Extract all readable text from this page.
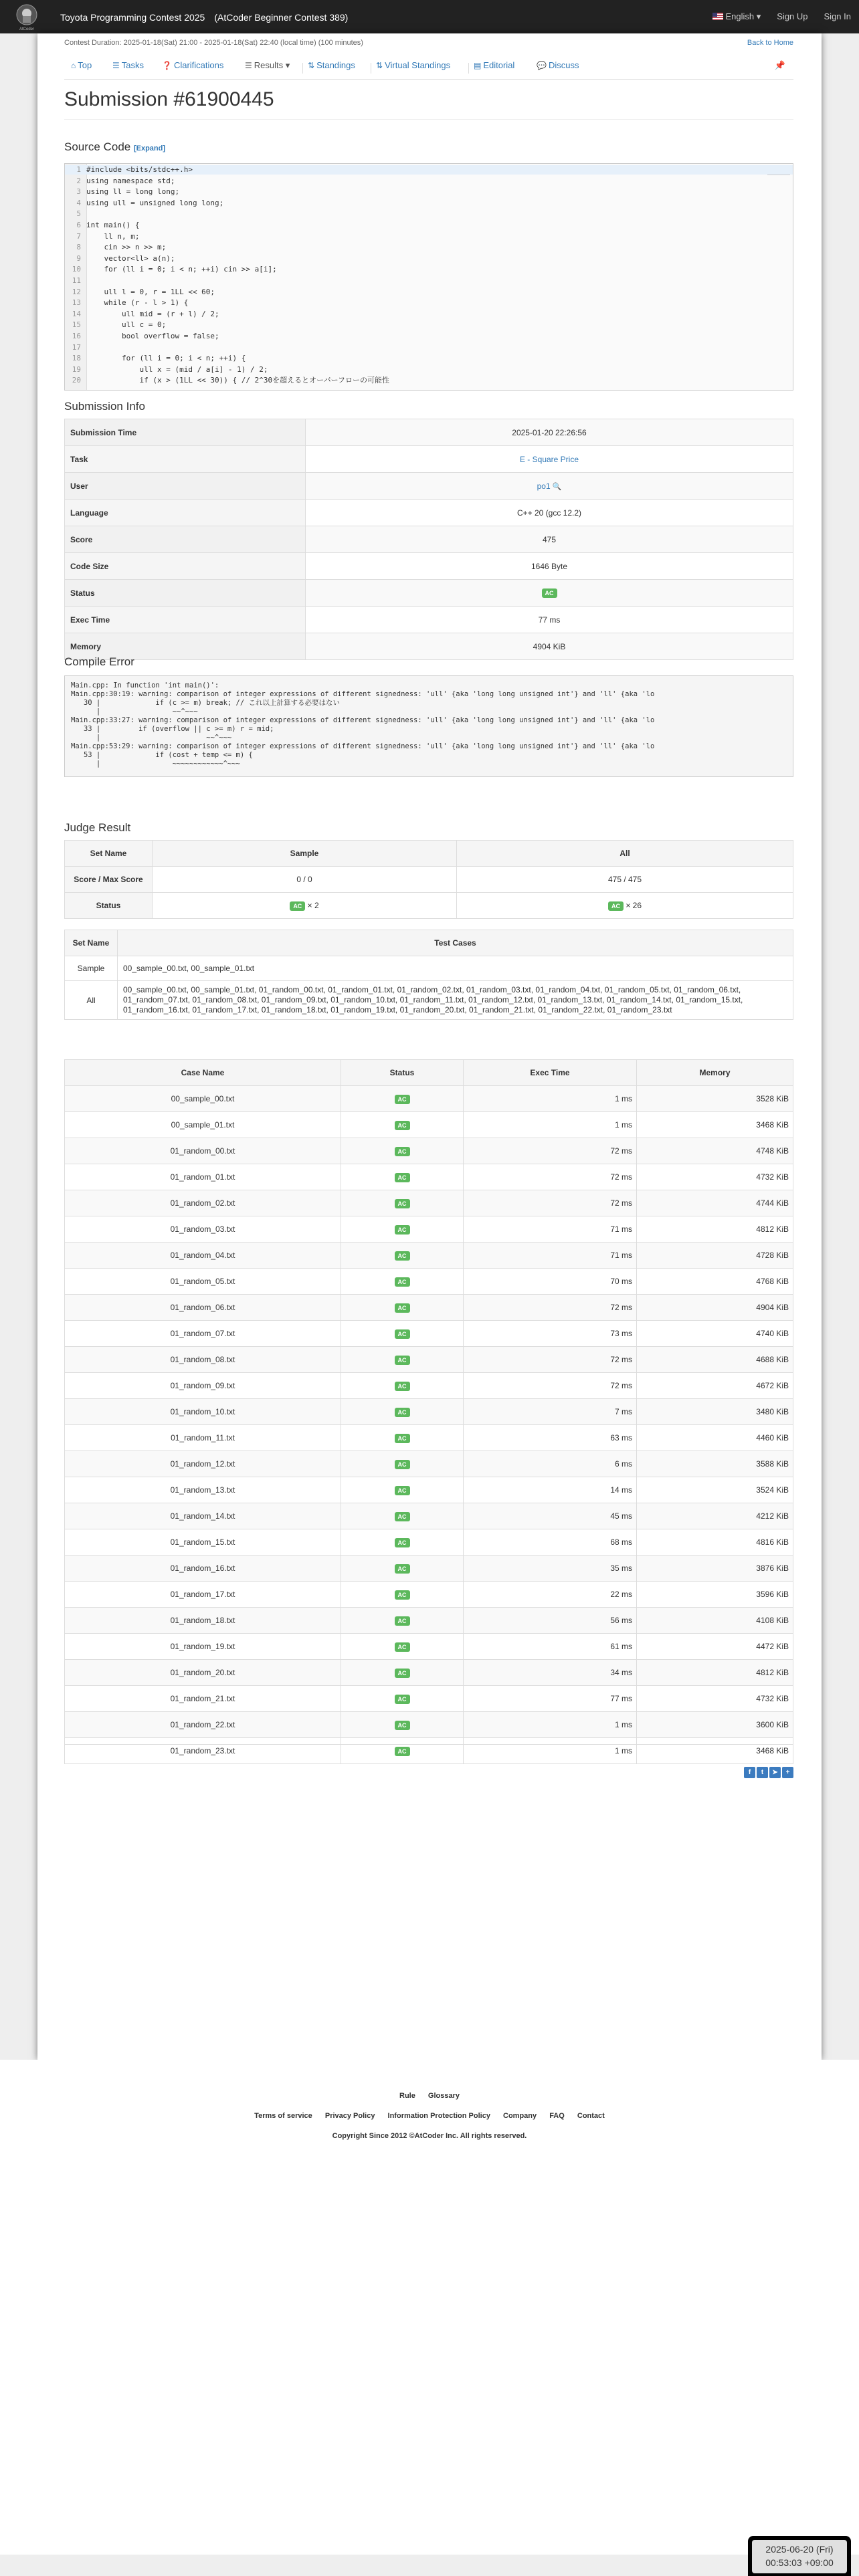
AtCoder
Toyota Programming Contest 2025　(AtCoder Beginner Contest 389)	English ▾ Sign Up Sign In
Contest Duration: 2025-01-18(Sat) 21:00 - 2025-01-18(Sat) 22:40 (local time) (100 minutes)	Back to Home
⌂ Top	☰ Tasks ❓ Clarifications	☰ Results ▾ ⇅ Standings	⇅ Virtual Standings	▤ Editorial	💬 Discuss	📌
Submission #61900445
Source Code [Expand]
1 #include <bits/stdc++.h>
2 using namespace std;
3 using ll = long long;
4 using ull = unsigned long long;
5
6 int main() {
7    ll n, m;
8    cin >> n >> m;
9    vector<ll> a(n);
10    for (ll i = 0; i < n; ++i) cin >> a[i];
11
12    ull l = 0, r = 1LL << 60;
13    while (r - l > 1) {
14        ull mid = (r + l) / 2;
15        ull c = 0;
16        bool overflow = false;
17
18        for (ll i = 0; i < n; ++i) {
19            ull x = (mid / a[i] - 1) / 2;
20            if (x > (1LL << 30)) { // 2^30を超えるとオーバーフローの可能性
Submission Info
Submission Time	2025-01-20 22:26:56
Task	E - Square Price
User	po1 🔍
Language	C++ 20 (gcc 12.2)
Score	475
Code Size	1646 Byte
Status	AC
Exec Time	77 ms
Memory	4904 KiB
Compile Error
Main.cpp: In function 'int main()':
Main.cpp:30:19: warning: comparison of integer expressions of different signedness: 'ull' {aka 'long long unsigned int'} and 'll' {aka 'lo
30 |             if (c >= m) break; // これ以上計算する必要はない
|                 ~~^~~~
Main.cpp:33:27: warning: comparison of integer expressions of different signedness: 'ull' {aka 'long long unsigned int'} and 'll' {aka 'lo
33 |         if (overflow || c >= m) r = mid;
|                         ~~^~~~
Main.cpp:53:29: warning: comparison of integer expressions of different signedness: 'ull' {aka 'long long unsigned int'} and 'll' {aka 'lo
53 |             if (cost + temp <= m) {
|                 ~~~~~~~~~~~~^~~~
Judge Result
Set Name	Sample	All
Score / Max Score	0 / 0	475 / 475
Status	AC × 2	AC × 26
Set Name	Test Cases
Sample	00_sample_00.txt, 00_sample_01.txt
All	00_sample_00.txt, 00_sample_01.txt, 01_random_00.txt, 01_random_01.txt, 01_random_02.txt, 01_random_03.txt, 01_random_04.txt, 01_random_05.txt, 01_random_06.txt, 01_random_07.txt, 01_random_08.txt, 01_random_09.txt, 01_random_10.txt, 01_random_11.txt, 01_random_12.txt, 01_random_13.txt, 01_random_14.txt, 01_random_15.txt, 01_random_16.txt, 01_random_17.txt, 01_random_18.txt, 01_random_19.txt, 01_random_20.txt, 01_random_21.txt, 01_random_22.txt, 01_random_23.txt
Case Name	Status	Exec Time	Memory
00_sample_00.txt	AC	1 ms	3528 KiB
00_sample_01.txt	AC	1 ms	3468 KiB
01_random_00.txt	AC	72 ms	4748 KiB
01_random_01.txt	AC	72 ms	4732 KiB
01_random_02.txt	AC	72 ms	4744 KiB
01_random_03.txt	AC	71 ms	4812 KiB
01_random_04.txt	AC	71 ms	4728 KiB
01_random_05.txt	AC	70 ms	4768 KiB
01_random_06.txt	AC	72 ms	4904 KiB
01_random_07.txt	AC	73 ms	4740 KiB
01_random_08.txt	AC	72 ms	4688 KiB
01_random_09.txt	AC	72 ms	4672 KiB
01_random_10.txt	AC	7 ms	3480 KiB
01_random_11.txt	AC	63 ms	4460 KiB
01_random_12.txt	AC	6 ms	3588 KiB
01_random_13.txt	AC	14 ms	3524 KiB
01_random_14.txt	AC	45 ms	4212 KiB
01_random_15.txt	AC	68 ms	4816 KiB
01_random_16.txt	AC	35 ms	3876 KiB
01_random_17.txt	AC	22 ms	3596 KiB
01_random_18.txt	AC	56 ms	4108 KiB
01_random_19.txt	AC	61 ms	4472 KiB
01_random_20.txt	AC	34 ms	4812 KiB
01_random_21.txt	AC	77 ms	4732 KiB
01_random_22.txt	AC	1 ms	3600 KiB
01_random_23.txt	AC	1 ms	3468 KiB
f	t	➤	+
Rule Glossary
Terms of service Privacy Policy Information Protection Policy Company FAQ Contact
Copyright Since 2012 ©AtCoder Inc. All rights reserved.
2025-06-20 (Fri)
00:53:03 +09:00
